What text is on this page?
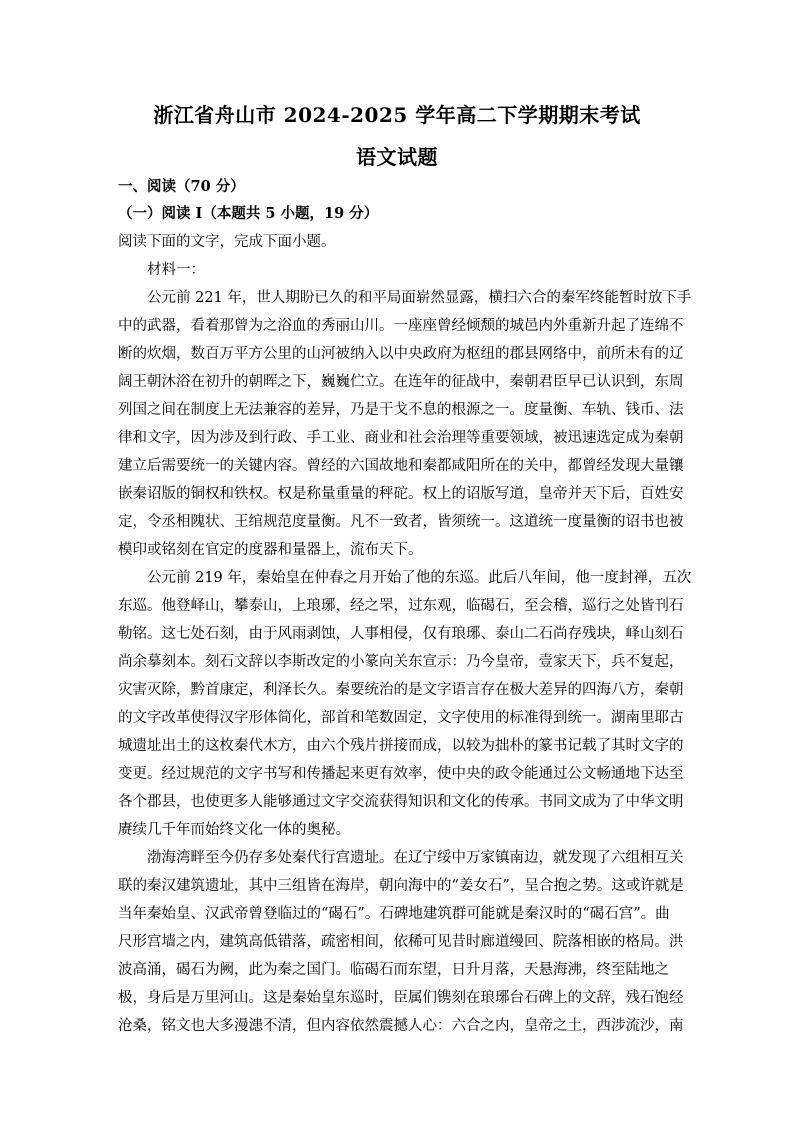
浙江省舟山市 2024-2025 学年高二下学期期末考试
语文试题
一、阅读（70 分）
（一）阅读 I（本题共 5 小题，19 分）
阅读下面的文字，完成下面小题。
材料一：
公元前 221 年，世人期盼已久的和平局面崭然显露，横扫六合的秦军终能暂时放下手
中的武器，看着那曾为之浴血的秀丽山川。一座座曾经倾颓的城邑内外重新升起了连绵不
断的炊烟，数百万平方公里的山河被纳入以中央政府为枢纽的郡县网络中，前所未有的辽
阔王朝沐浴在初升的朝晖之下，巍巍伫立。在连年的征战中，秦朝君臣早已认识到，东周
列国之间在制度上无法兼容的差异，乃是干戈不息的根源之一。度量衡、车轨、钱币、法
律和文字，因为涉及到行政、手工业、商业和社会治理等重要领域，被迅速选定成为秦朝
建立后需要统一的关键内容。曾经的六国故地和秦都咸阳所在的关中，都曾经发现大量镶
嵌秦诏版的铜权和铁权。权是称量重量的秤砣。权上的诏版写道，皇帝并天下后，百姓安
定，令丞相隗状、王绾规范度量衡。凡不一致者，皆须统一。这道统一度量衡的诏书也被
模印或铭刻在官定的度器和量器上，流布天下。
公元前 219 年，秦始皇在仲春之月开始了他的东巡。此后八年间，他一度封禅，五次
东巡。他登峄山，攀泰山，上琅琊，经之罘，过东观，临碣石，至会稽，巡行之处皆刊石
勒铭。这七处石刻，由于风雨剥蚀，人事相侵，仅有琅琊、泰山二石尚存残块，峄山刻石
尚余摹刻本。刻石文辞以李斯改定的小篆向关东宣示：乃今皇帝，壹家天下，兵不复起，
灾害灭除，黔首康定，利泽长久。秦要统治的是文字语言存在极大差异的四海八方，秦朝
的文字改革使得汉字形体简化，部首和笔数固定，文字使用的标准得到统一。湖南里耶古
城遗址出土的这枚秦代木方，由六个残片拼接而成，以较为拙朴的篆书记载了其时文字的
变更。经过规范的文字书写和传播起来更有效率，使中央的政令能通过公文畅通地下达至
各个郡县，也使更多人能够通过文字交流获得知识和文化的传承。书同文成为了中华文明
赓续几千年而始终文化一体的奥秘。
渤海湾畔至今仍存多处秦代行宫遗址。在辽宁绥中万家镇南边，就发现了六组相互关
联的秦汉建筑遗址，其中三组皆在海岸，朝向海中的“姜女石”，呈合抱之势。这或许就是
当年秦始皇、汉武帝曾登临过的“碣石”。石碑地建筑群可能就是秦汉时的“碣石宫”。曲
尺形宫墙之内，建筑高低错落，疏密相间，依稀可见昔时廊道缦回、院落相嵌的格局。洪
波高涌，碣石为阙，此为秦之国门。临碣石而东望，日升月落，天悬海沸，终至陆地之
极，身后是万里河山。这是秦始皇东巡时，臣属们镌刻在琅琊台石碑上的文辞，残石饱经
沧桑，铭文也大多漫漶不清，但内容依然震撼人心：六合之内，皇帝之土，西涉流沙，南
